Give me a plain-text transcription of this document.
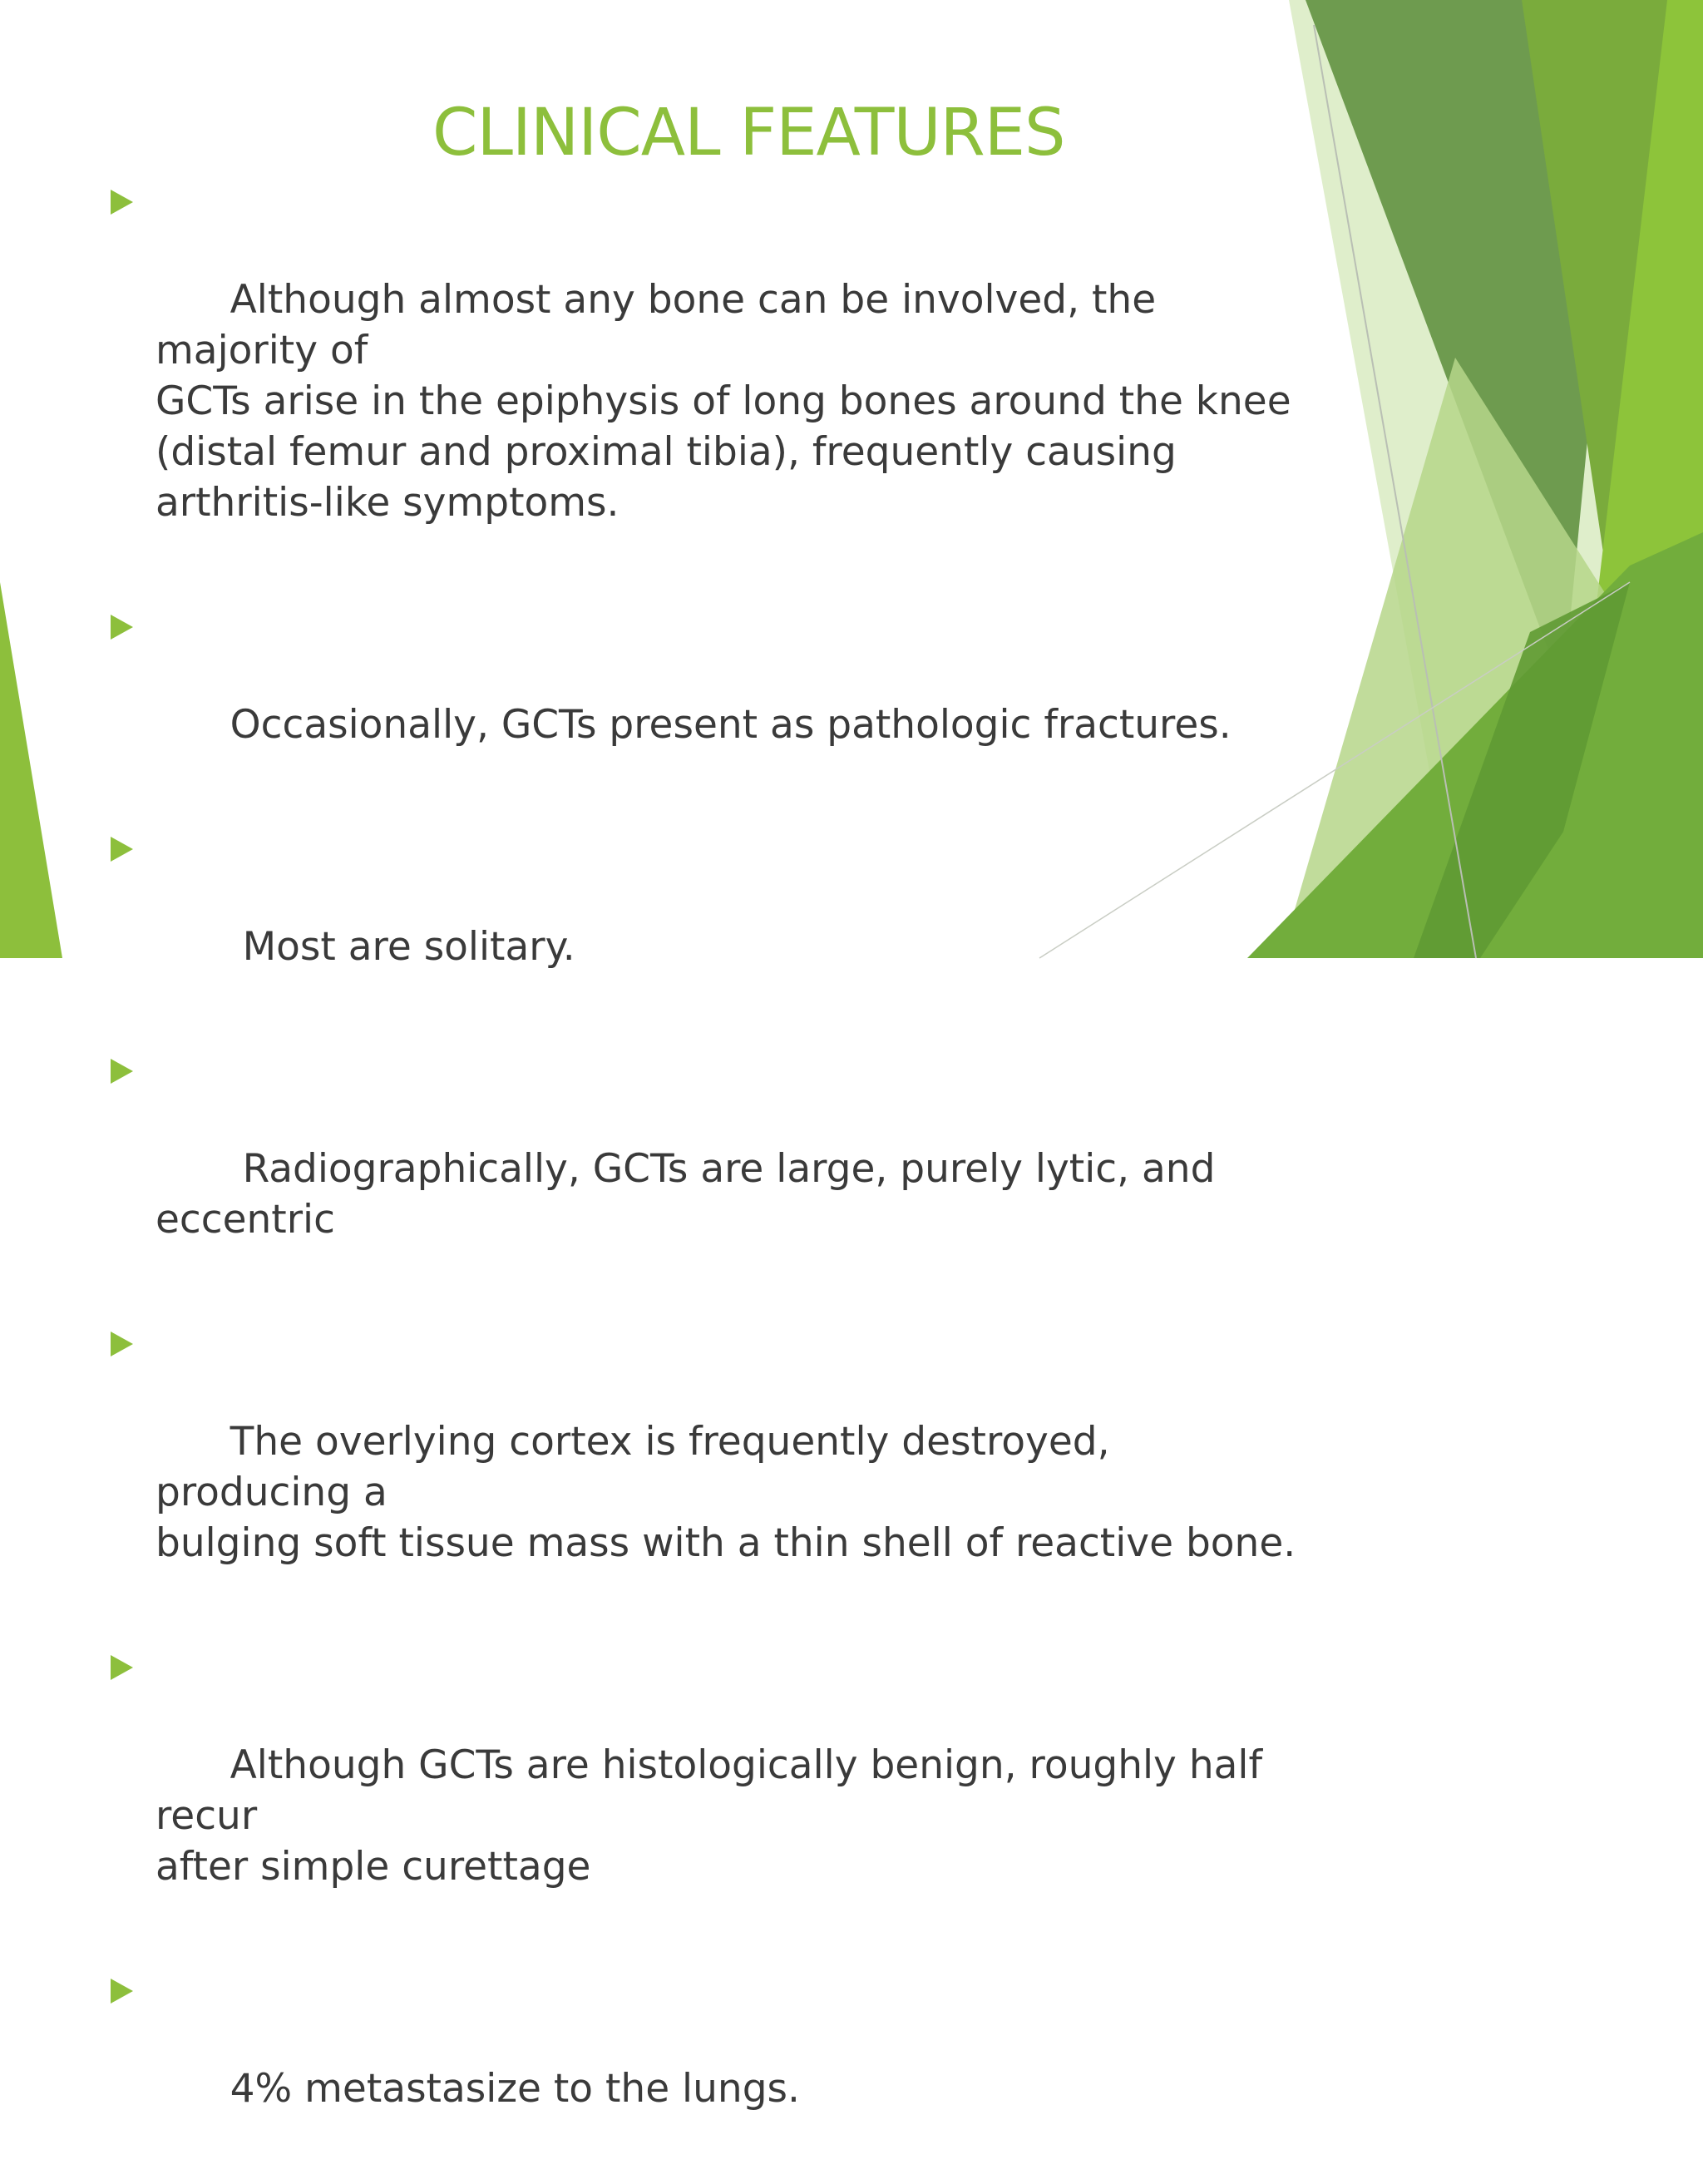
CLINICAL FEATURES

Although almost any bone can be involved, the majority of
GCTs arise in the epiphysis of long bones around the knee
(distal femur and proximal tibia), frequently causing
arthritis-like symptoms.

Occasionally, GCTs present as pathologic fractures.

Most are solitary.

Radiographically, GCTs are large, purely lytic, and
eccentric

The overlying cortex is frequently destroyed, producing a
bulging soft tissue mass with a thin shell of reactive bone.

Although GCTs are histologically benign, roughly half recur
after simple curettage

4% metastasize to the lungs.
